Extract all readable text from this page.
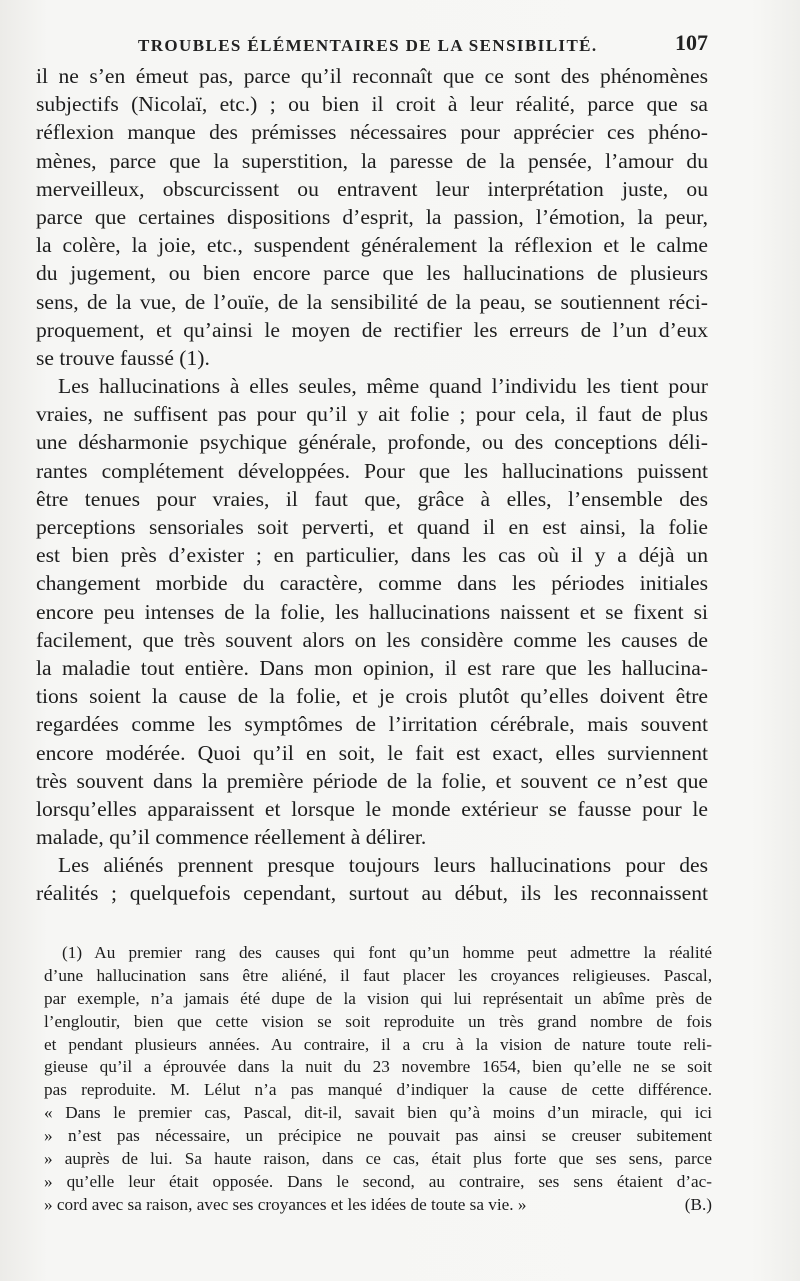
TROUBLES ÉLÉMENTAIRES DE LA SENSIBILITÉ.	107
il ne s’en émeut pas, parce qu’il reconnaît que ce sont des phénomènes
subjectifs (Nicolaï, etc.) ; ou bien il croit à leur réalité, parce que sa
réflexion manque des prémisses nécessaires pour apprécier ces phéno-
mènes, parce que la superstition, la paresse de la pensée, l’amour du
merveilleux, obscurcissent ou entravent leur interprétation juste, ou
parce que certaines dispositions d’esprit, la passion, l’émotion, la peur,
la colère, la joie, etc., suspendent généralement la réflexion et le calme
du jugement, ou bien encore parce que les hallucinations de plusieurs
sens, de la vue, de l’ouïe, de la sensibilité de la peau, se soutiennent réci-
proquement, et qu’ainsi le moyen de rectifier les erreurs de l’un d’eux
se trouve faussé (1).
Les hallucinations à elles seules, même quand l’individu les tient pour
vraies, ne suffisent pas pour qu’il y ait folie ; pour cela, il faut de plus
une désharmonie psychique générale, profonde, ou des conceptions déli-
rantes complétement développées. Pour que les hallucinations puissent
être tenues pour vraies, il faut que, grâce à elles, l’ensemble des
perceptions sensoriales soit perverti, et quand il en est ainsi, la folie
est bien près d’exister ; en particulier, dans les cas où il y a déjà un
changement morbide du caractère, comme dans les périodes initiales
encore peu intenses de la folie, les hallucinations naissent et se fixent si
facilement, que très souvent alors on les considère comme les causes de
la maladie tout entière. Dans mon opinion, il est rare que les hallucina-
tions soient la cause de la folie, et je crois plutôt qu’elles doivent être
regardées comme les symptômes de l’irritation cérébrale, mais souvent
encore modérée. Quoi qu’il en soit, le fait est exact, elles surviennent
très souvent dans la première période de la folie, et souvent ce n’est que
lorsqu’elles apparaissent et lorsque le monde extérieur se fausse pour le
malade, qu’il commence réellement à délirer.
Les aliénés prennent presque toujours leurs hallucinations pour des
réalités ; quelquefois cependant, surtout au début, ils les reconnaissent
(1) Au premier rang des causes qui font qu’un homme peut admettre la réalité
d’une hallucination sans être aliéné, il faut placer les croyances religieuses. Pascal,
par exemple, n’a jamais été dupe de la vision qui lui représentait un abîme près de
l’engloutir, bien que cette vision se soit reproduite un très grand nombre de fois
et pendant plusieurs années. Au contraire, il a cru à la vision de nature toute reli-
gieuse qu’il a éprouvée dans la nuit du 23 novembre 1654, bien qu’elle ne se soit
pas reproduite. M. Lélut n’a pas manqué d’indiquer la cause de cette différence.
« Dans le premier cas, Pascal, dit-il, savait bien qu’à moins d’un miracle, qui ici
» n’est pas nécessaire, un précipice ne pouvait pas ainsi se creuser subitement
» auprès de lui. Sa haute raison, dans ce cas, était plus forte que ses sens, parce
» qu’elle leur était opposée. Dans le second, au contraire, ses sens étaient d’ac-
» cord avec sa raison, avec ses croyances et les idées de toute sa vie. »	(B.)
